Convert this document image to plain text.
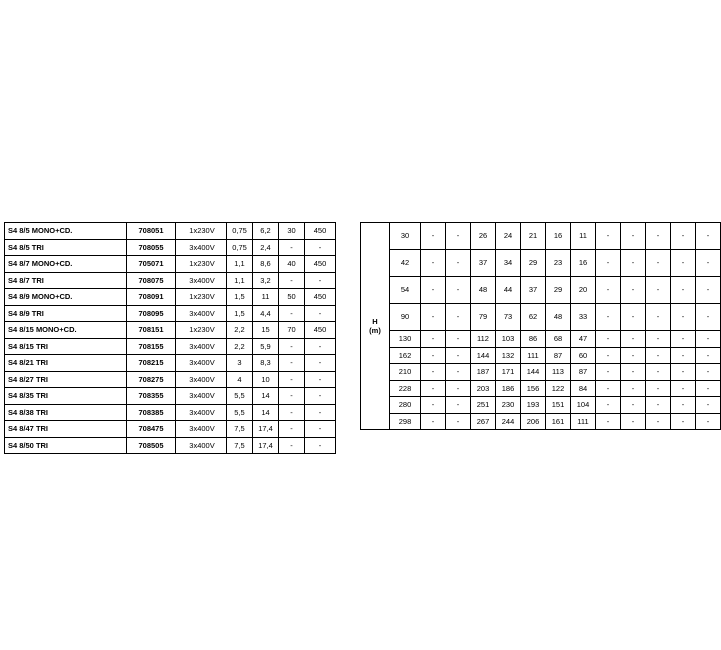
S4 8/5 MONO+CD.	708051	1x230V	0,75	6,2	30	450
S4 8/5 TRI	708055	3x400V	0,75	2,4	-	-
S4 8/7 MONO+CD.	705071	1x230V	1,1	8,6	40	450
S4 8/7 TRI	708075	3x400V	1,1	3,2	-	-
S4 8/9 MONO+CD.	708091	1x230V	1,5	11	50	450
S4 8/9 TRI	708095	3x400V	1,5	4,4	-	-
S4 8/15 MONO+CD.	708151	1x230V	2,2	15	70	450
S4 8/15 TRI	708155	3x400V	2,2	5,9	-	-
S4 8/21 TRI	708215	3x400V	3	8,3	-	-
S4 8/27 TRI	708275	3x400V	4	10	-	-
S4 8/35 TRI	708355	3x400V	5,5	14	-	-
S4 8/38 TRI	708385	3x400V	5,5	14	-	-
S4 8/47 TRI	708475	3x400V	7,5	17,4	-	-
S4 8/50 TRI	708505	3x400V	7,5	17,4	-	-
H
(m)	30	-	-	26	24	21	16	11	-	-	-	-	-
	42	-	-	37	34	29	23	16	-	-	-	-	-
	54	-	-	48	44	37	29	20	-	-	-	-	-
	90	-	-	79	73	62	48	33	-	-	-	-	-
	130	-	-	112	103	86	68	47	-	-	-	-	-
	162	-	-	144	132	111	87	60	-	-	-	-	-
	210	-	-	187	171	144	113	87	-	-	-	-	-
	228	-	-	203	186	156	122	84	-	-	-	-	-
	280	-	-	251	230	193	151	104	-	-	-	-	-
	298	-	-	267	244	206	161	111	-	-	-	-	-
